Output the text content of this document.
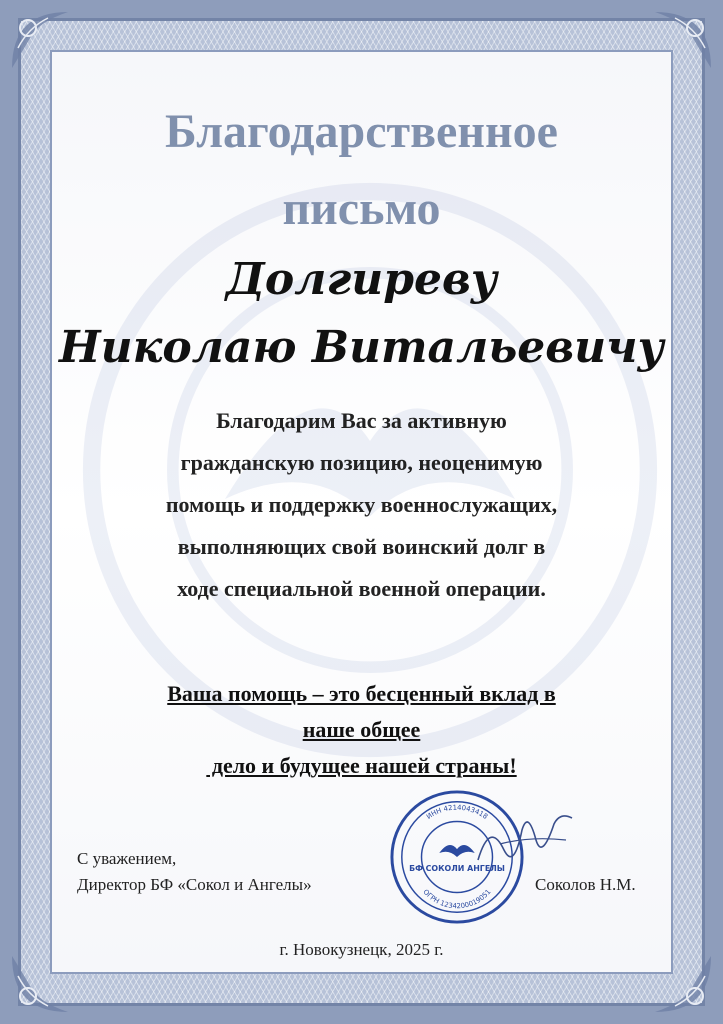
Благодарственное
письмо
Долгиреву
Николаю Витальевичу
Благодарим Вас за активную
гражданскую позицию, неоценимую
помощь и поддержку военнослужащих,
выполняющих свой воинский долг в
ходе специальной военной операции.
Ваша помощь – это бесценный вклад в
наше общее
дело и будущее нашей страны!
С уважением,
Директор БФ «Сокол и Ангелы»
ИНН 4214043418
ОГРН 1234200019051
БФ СОКОЛИ АНГЕЛЫ
Соколов Н.М.
г. Новокузнецк, 2025 г.
